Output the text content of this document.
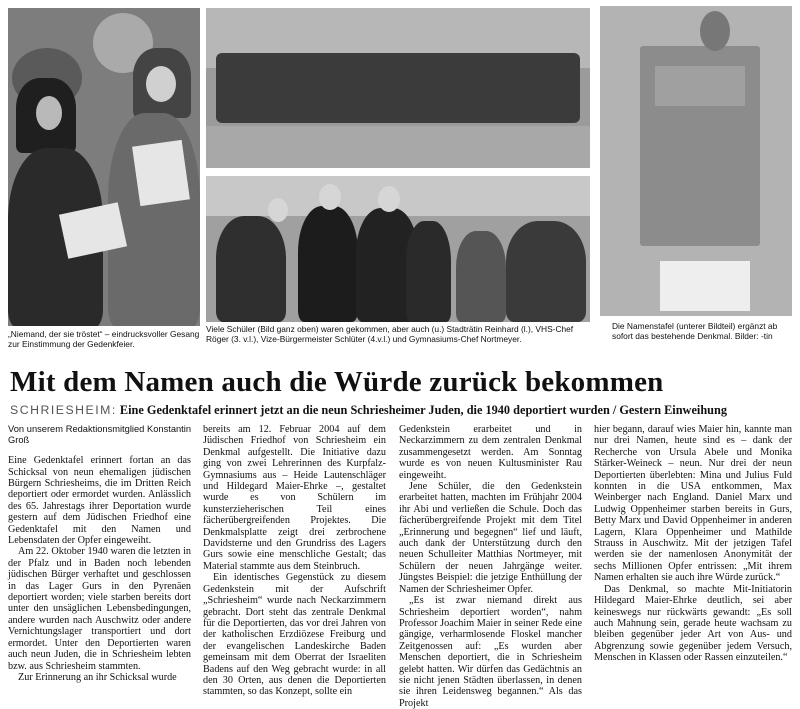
„Niemand, der sie tröstet“ – eindrucksvoller Gesang zur Einstimmung der Gedenkfeier.
Viele Schüler (Bild ganz oben) waren gekommen, aber auch (u.) Stadträtin Reinhard (l.), VHS-Chef Röger (3. v.l.), Vize-Bürgermeister Schlüter (4.v.l.) und Gymnasiums-Chef Nortmeyer.
Die Namenstafel (unterer Bildteil) ergänzt ab sofort das bestehende Denkmal. Bilder: -tin
Mit dem Namen auch die Würde zurück bekommen
SCHRIESHEIM: Eine Gedenktafel erinnert jetzt an die neun Schriesheimer Juden, die 1940 deportiert wurden / Gestern Einweihung

Von unserem Redaktionsmitglied Konstantin Groß

Eine Gedenktafel erinnert fortan an das Schicksal von neun ehemaligen jüdischen Bürgern Schriesheims, die im Dritten Reich deportiert oder ermordet wurden. Anlässlich des 65. Jahrestags ihrer Deportation wurde gestern auf dem Jüdischen Friedhof eine Gedenktafel mit den Namen und Lebensdaten der Opfer eingeweiht.

Am 22. Oktober 1940 waren die letzten in der Pfalz und in Baden noch lebenden jüdischen Bürger verhaftet und geschlossen in das Lager Gurs in den Pyrenäen deportiert worden; viele starben bereits dort unter den unsäglichen Lebensbedingungen, andere wurden nach Auschwitz oder andere Vernichtungslager transportiert und dort ermordet. Unter den Deportierten waren auch neun Juden, die in Schriesheim lebten bzw. aus Schriesheim stammten.

Zur Erinnerung an ihr Schicksal wurde

bereits am 12. Februar 2004 auf dem Jüdischen Friedhof von Schriesheim ein Denkmal aufgestellt. Die Initiative dazu ging von zwei Lehrerinnen des Kurpfalz-Gymnasiums aus – Heide Lautenschläger und Hildegard Maier-Ehrke –, gestaltet wurde es von Schülern im kunsterzieherischen Teil eines fächerübergreifenden Projektes. Die Denkmalsplatte zeigt drei zerbrochene Davidsterne und den Grundriss des Lagers Gurs sowie eine menschliche Gestalt; das Material stammte aus dem Steinbruch.

Ein identisches Gegenstück zu diesem Gedenkstein mit der Aufschrift „Schriesheim“ wurde nach Neckarzimmern gebracht. Dort steht das zentrale Denkmal für die Deportierten, das vor drei Jahren von der katholischen Erzdiözese Freiburg und der evangelischen Landeskirche Baden gemeinsam mit dem Oberrat der Israeliten Badens auf den Weg gebracht wurde: in all den 30 Orten, aus denen die Deportierten stammten, so das Konzept, sollte ein

Gedenkstein erarbeitet und in Neckarzimmern zu dem zentralen Denkmal zusammengesetzt werden. Am Sonntag wurde es von neuen Kultusminister Rau eingeweiht.

Jene Schüler, die den Gedenkstein erarbeitet hatten, machten im Frühjahr 2004 ihr Abi und verließen die Schule. Doch das fächerübergreifende Projekt mit dem Titel „Erinnerung und begegnen“ lief und läuft, auch dank der Unterstützung durch den neuen Schulleiter Matthias Nortmeyer, mit Schülern der neuen Jahrgänge weiter. Jüngstes Beispiel: die jetzige Enthüllung der Namen der Schriesheimer Opfer.

„Es ist zwar niemand direkt aus Schriesheim deportiert worden“, nahm Professor Joachim Maier in seiner Rede eine gängige, verharmlosende Floskel mancher Zeitgenossen auf: „Es wurden aber Menschen deportiert, die in Schriesheim gelebt hatten. Wir dürfen das Gedächtnis an sie nicht jenen Städten überlassen, in denen sie ihren Leidensweg begannen.“ Als das Projekt

hier begann, darauf wies Maier hin, kannte man nur drei Namen, heute sind es – dank der Recherche von Ursula Abele und Monika Stärker-Weineck – neun. Nur drei der neun Deportierten überlebten: Mina und Julius Fuld konnten in die USA entkommen, Max Weinberger nach England. Daniel Marx und Ludwig Oppenheimer starben bereits in Gurs, Betty Marx und David Oppenheimer in anderen Lagern, Klara Oppenheimer und Mathilde Strauss in Auschwitz. Mit der jetzigen Tafel werden sie der namenlosen Anonymität der sechs Millionen Opfer entrissen: „Mit ihrem Namen erhalten sie auch ihre Würde zurück.“

Das Denkmal, so machte Mit-Initiatorin Hildegard Maier-Ehrke deutlich, sei aber keineswegs nur rückwärts gewandt: „Es soll auch Mahnung sein, gerade heute wachsam zu bleiben gegenüber jeder Art von Aus- und Abgrenzung sowie gegenüber jedem Versuch, Menschen in Klassen oder Rassen einzuteilen.“
